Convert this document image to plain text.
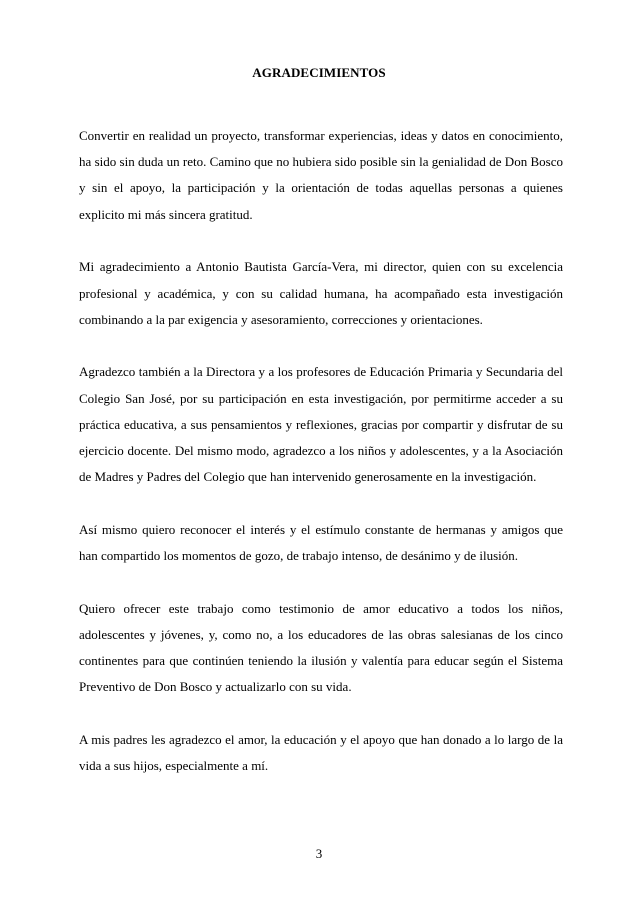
AGRADECIMIENTOS

Convertir en realidad un proyecto, transformar experiencias, ideas y datos en conocimiento, ha sido sin duda un reto. Camino que no hubiera sido posible sin la genialidad de Don Bosco y sin el apoyo, la participación y la orientación de todas aquellas personas a quienes explicito mi más sincera gratitud.

Mi agradecimiento a Antonio Bautista García-Vera, mi director, quien con su excelencia profesional y académica, y con su calidad humana, ha acompañado esta investigación combinando a la par exigencia y asesoramiento, correcciones y orientaciones.

Agradezco también a la Directora y a los profesores de Educación Primaria y Secundaria del Colegio San José, por su participación en esta investigación, por permitirme acceder a su práctica educativa, a sus pensamientos y reflexiones, gracias por compartir y disfrutar de su ejercicio docente. Del mismo modo, agradezco a los niños y adolescentes, y a la Asociación de Madres y Padres del Colegio que han intervenido generosamente en la investigación.

Así mismo quiero reconocer el interés y el estímulo constante de hermanas y amigos que han compartido los momentos de gozo, de trabajo intenso, de desánimo y de ilusión.

Quiero ofrecer este trabajo como testimonio de amor educativo a todos los niños, adolescentes y jóvenes, y, como no, a los educadores de las obras salesianas de los cinco continentes para que continúen teniendo la ilusión y valentía para educar según el Sistema Preventivo de Don Bosco y actualizarlo con su vida.

A mis padres les agradezco el amor, la educación y el apoyo que han donado a lo largo de la vida a sus hijos, especialmente a mí.

3
